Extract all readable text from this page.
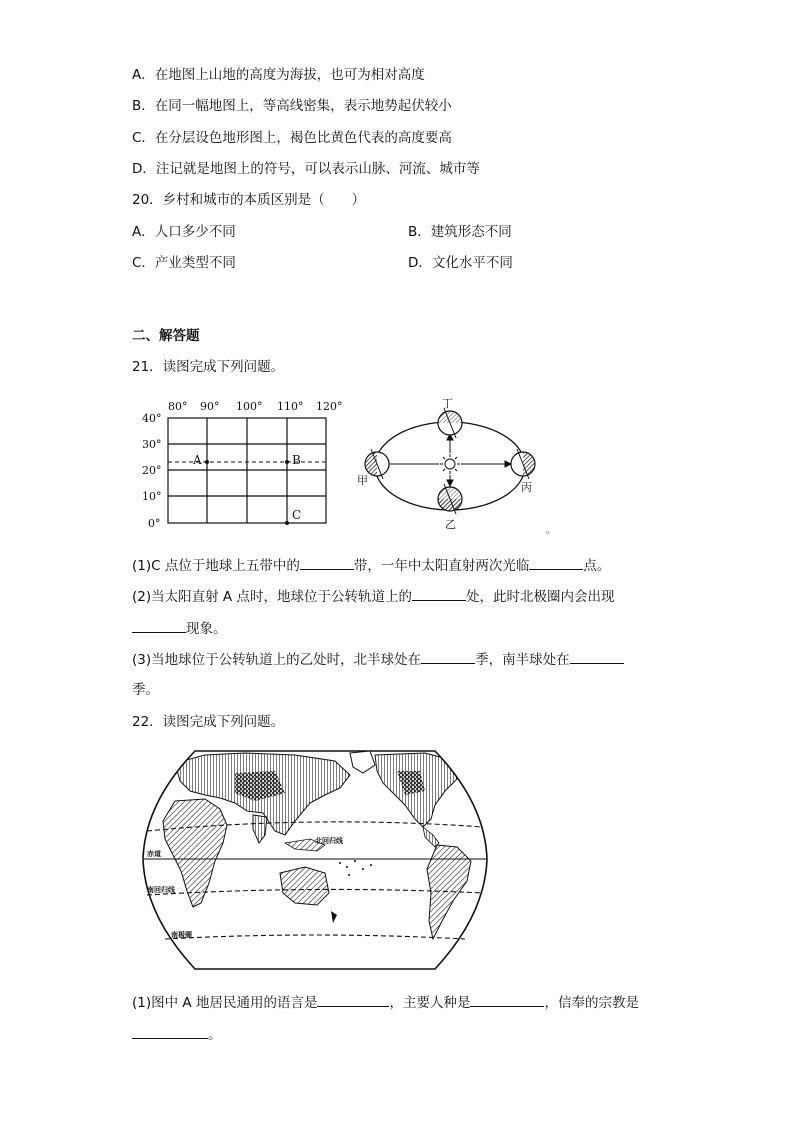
A．在地图上山地的高度为海拔，也可为相对高度
B．在同一幅地图上，等高线密集，表示地势起伏较小
C．在分层设色地形图上，褐色比黄色代表的高度要高
D．注记就是地图上的符号，可以表示山脉、河流、城市等
20．乡村和城市的本质区别是（　　）
A．人口多少不同	B．建筑形态不同
C．产业类型不同	D．文化水平不同
二、解答题
21．读图完成下列问题。
80° 90° 100° 110° 120°
40°
30°
20°
10°
0°
A	B
C
丁
甲
丙
乙
◦
(1)C 点位于地球上五带中的	带，一年中太阳直射两次光临	点。
(2)当太阳直射 A 点时，地球位于公转轨道上的	处，此时北极圈内会出现
现象。
(3)当地球位于公转轨道上的乙处时，北半球处在	季，南半球处在
季。
22．读图完成下列问题。
北回归线
赤道
南回归线
南极圈
(1)图中 A 地居民通用的语言是	，主要人种是	，信奉的宗教是
。
